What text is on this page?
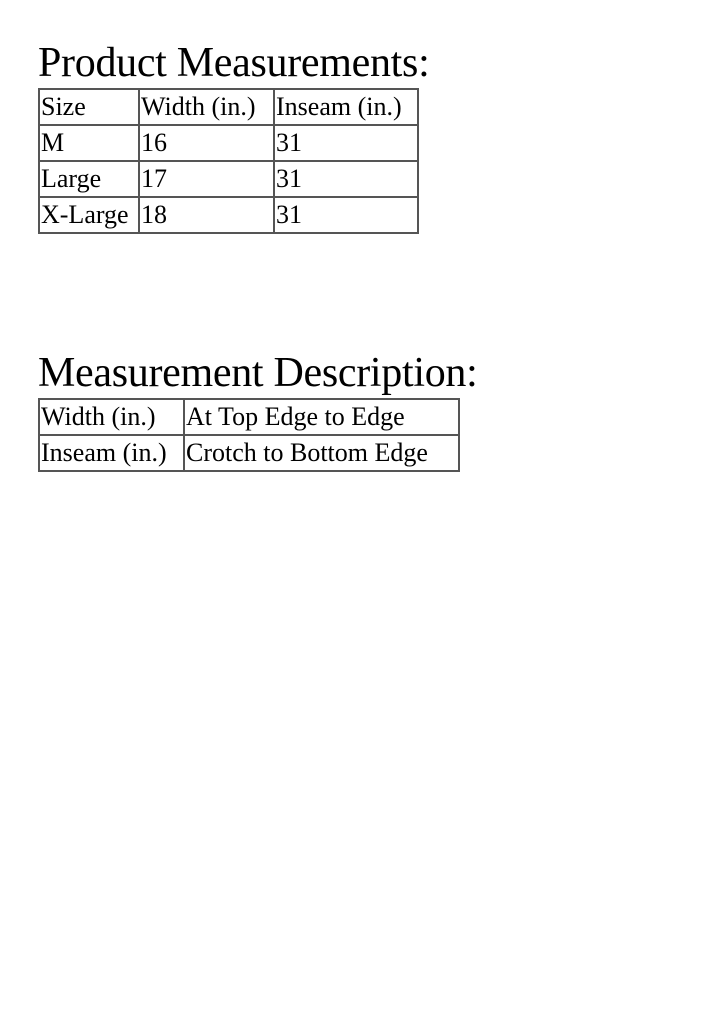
Product Measurements:
Size	Width (in.)	Inseam (in.)
M	16	31
Large	17	31
X-Large	18	31
Measurement Description:
Width (in.)	At Top Edge to Edge
Inseam (in.)	Crotch to Bottom Edge
